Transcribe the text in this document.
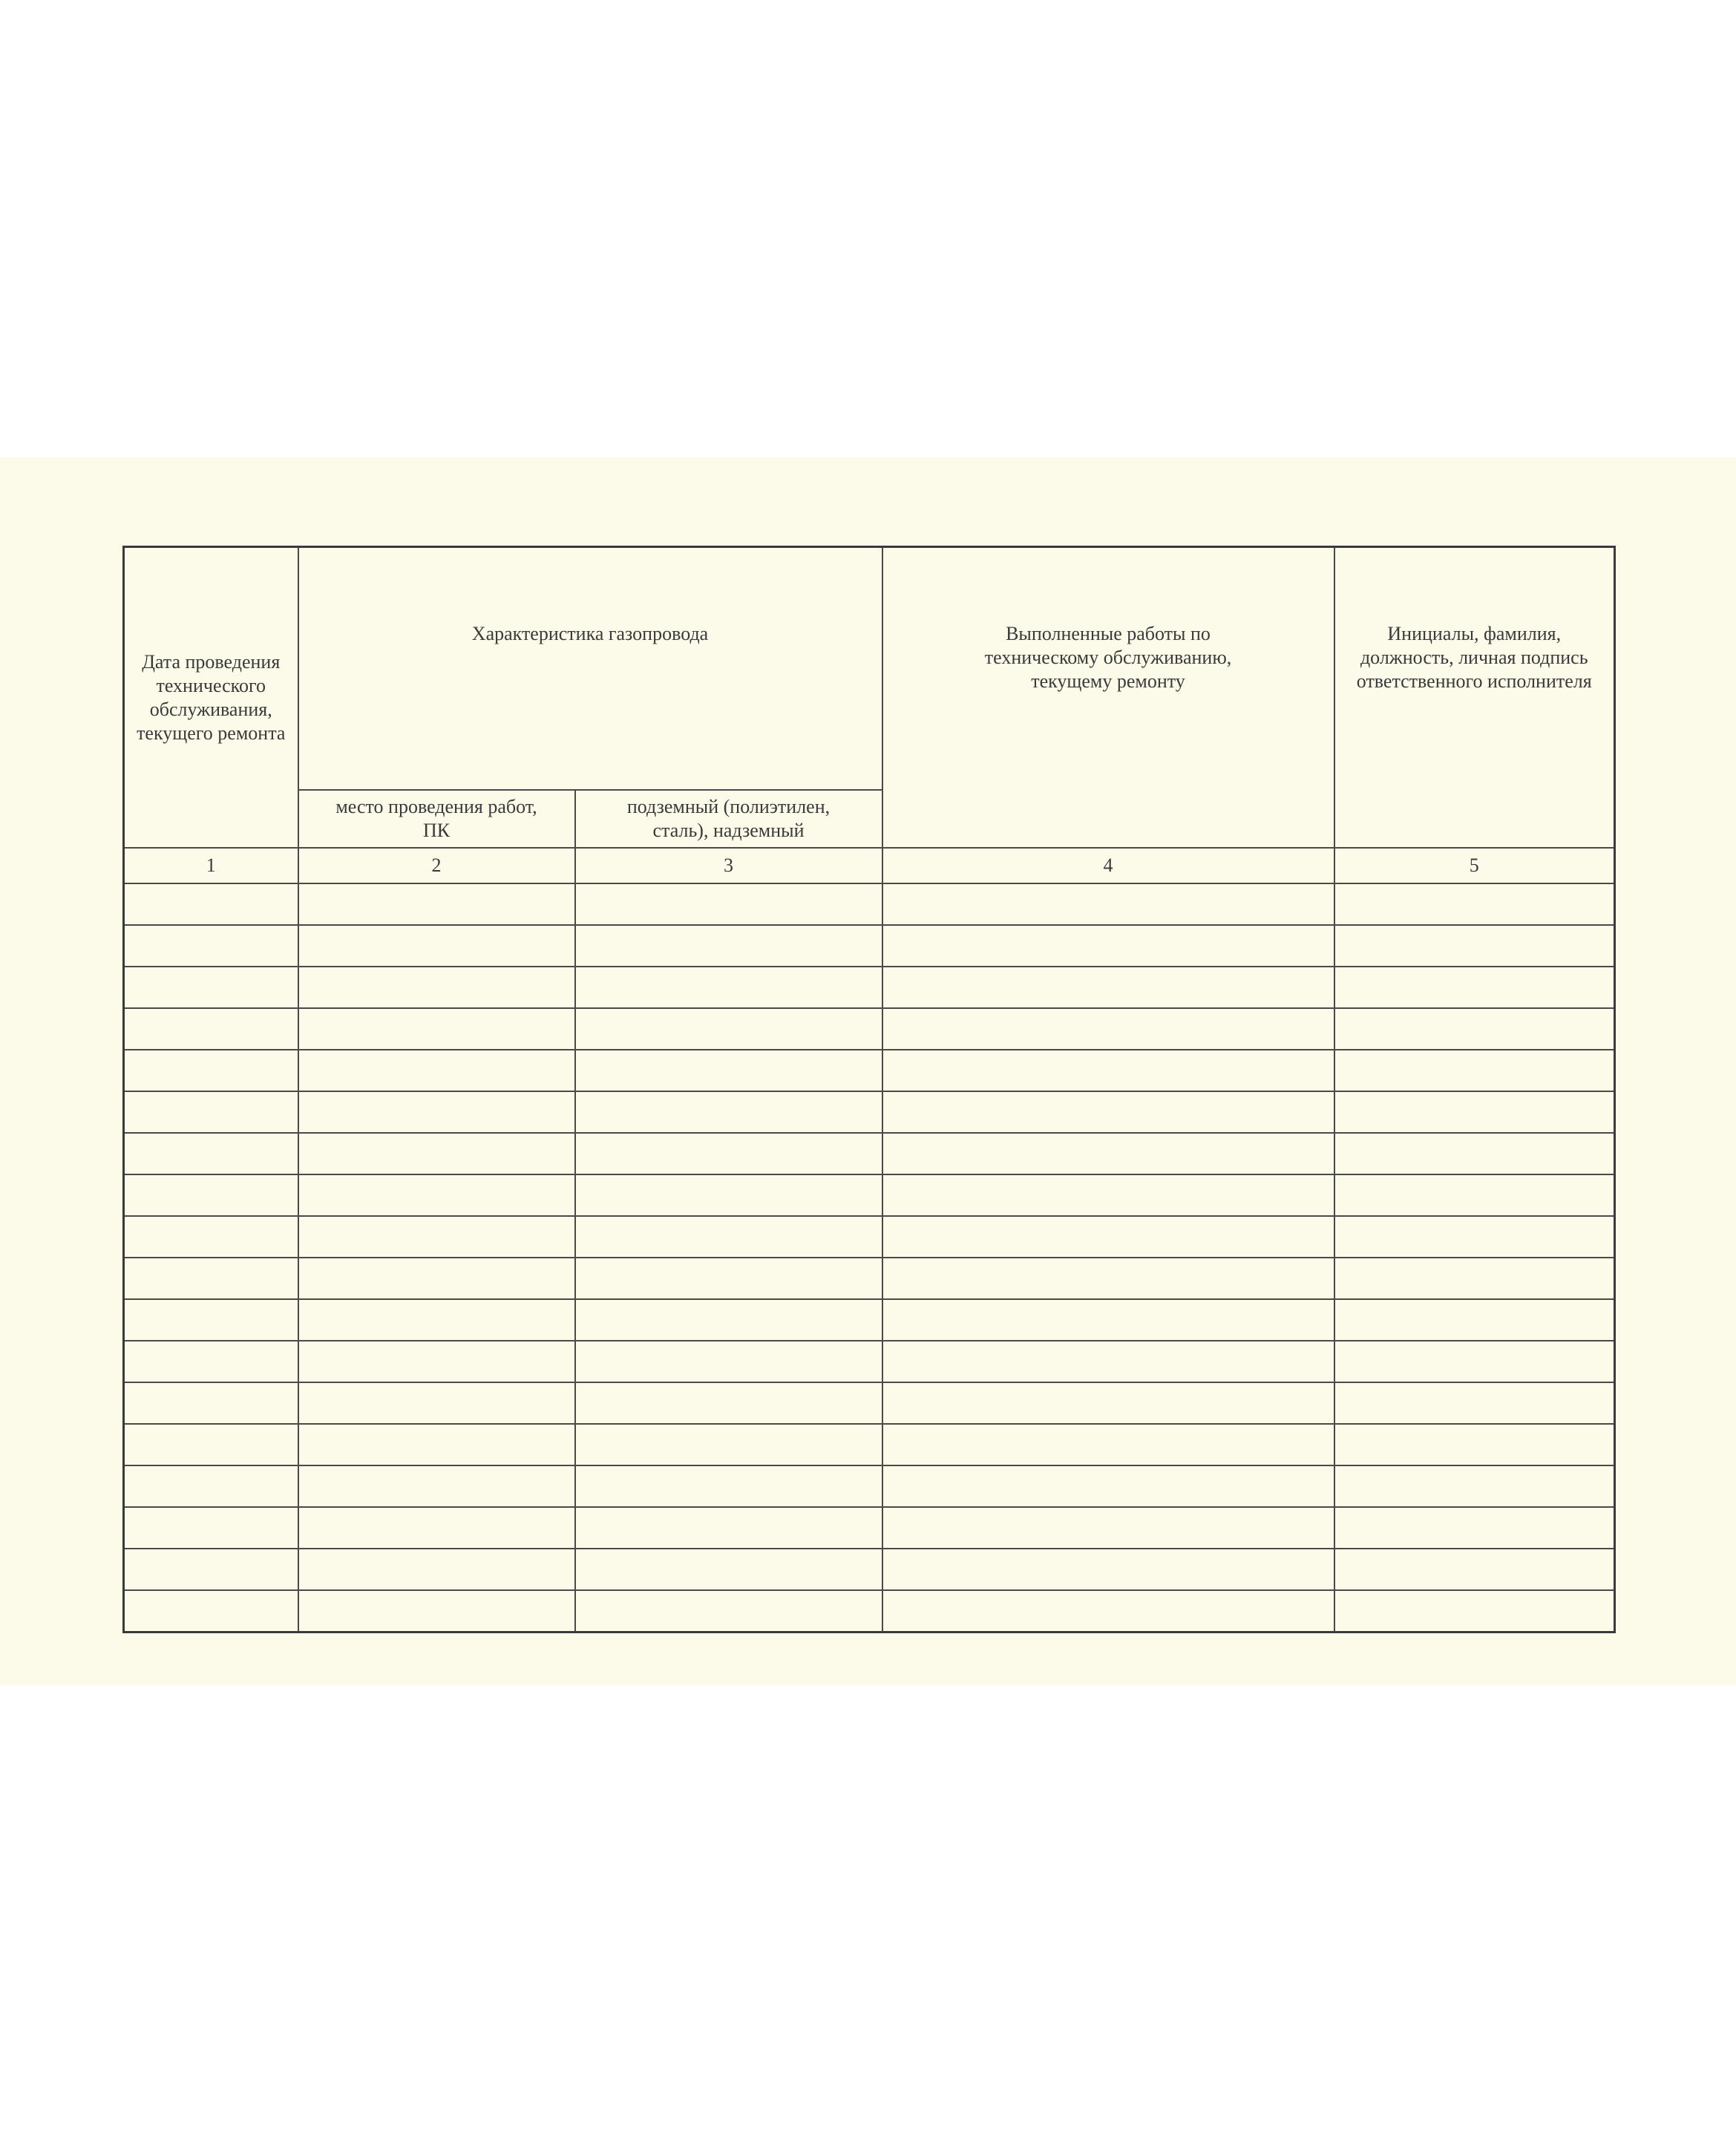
Дата проведения технического обслуживания, текущего ремонта	Характеристика газопровода		Выполненные работы по техническому обслуживанию, текущему ремонту	Инициалы, фамилия, должность, личная подпись ответственного исполнителя
	место проведения работ, ПК	подземный (полиэтилен, сталь), надземный		
1	2	3	4	5
